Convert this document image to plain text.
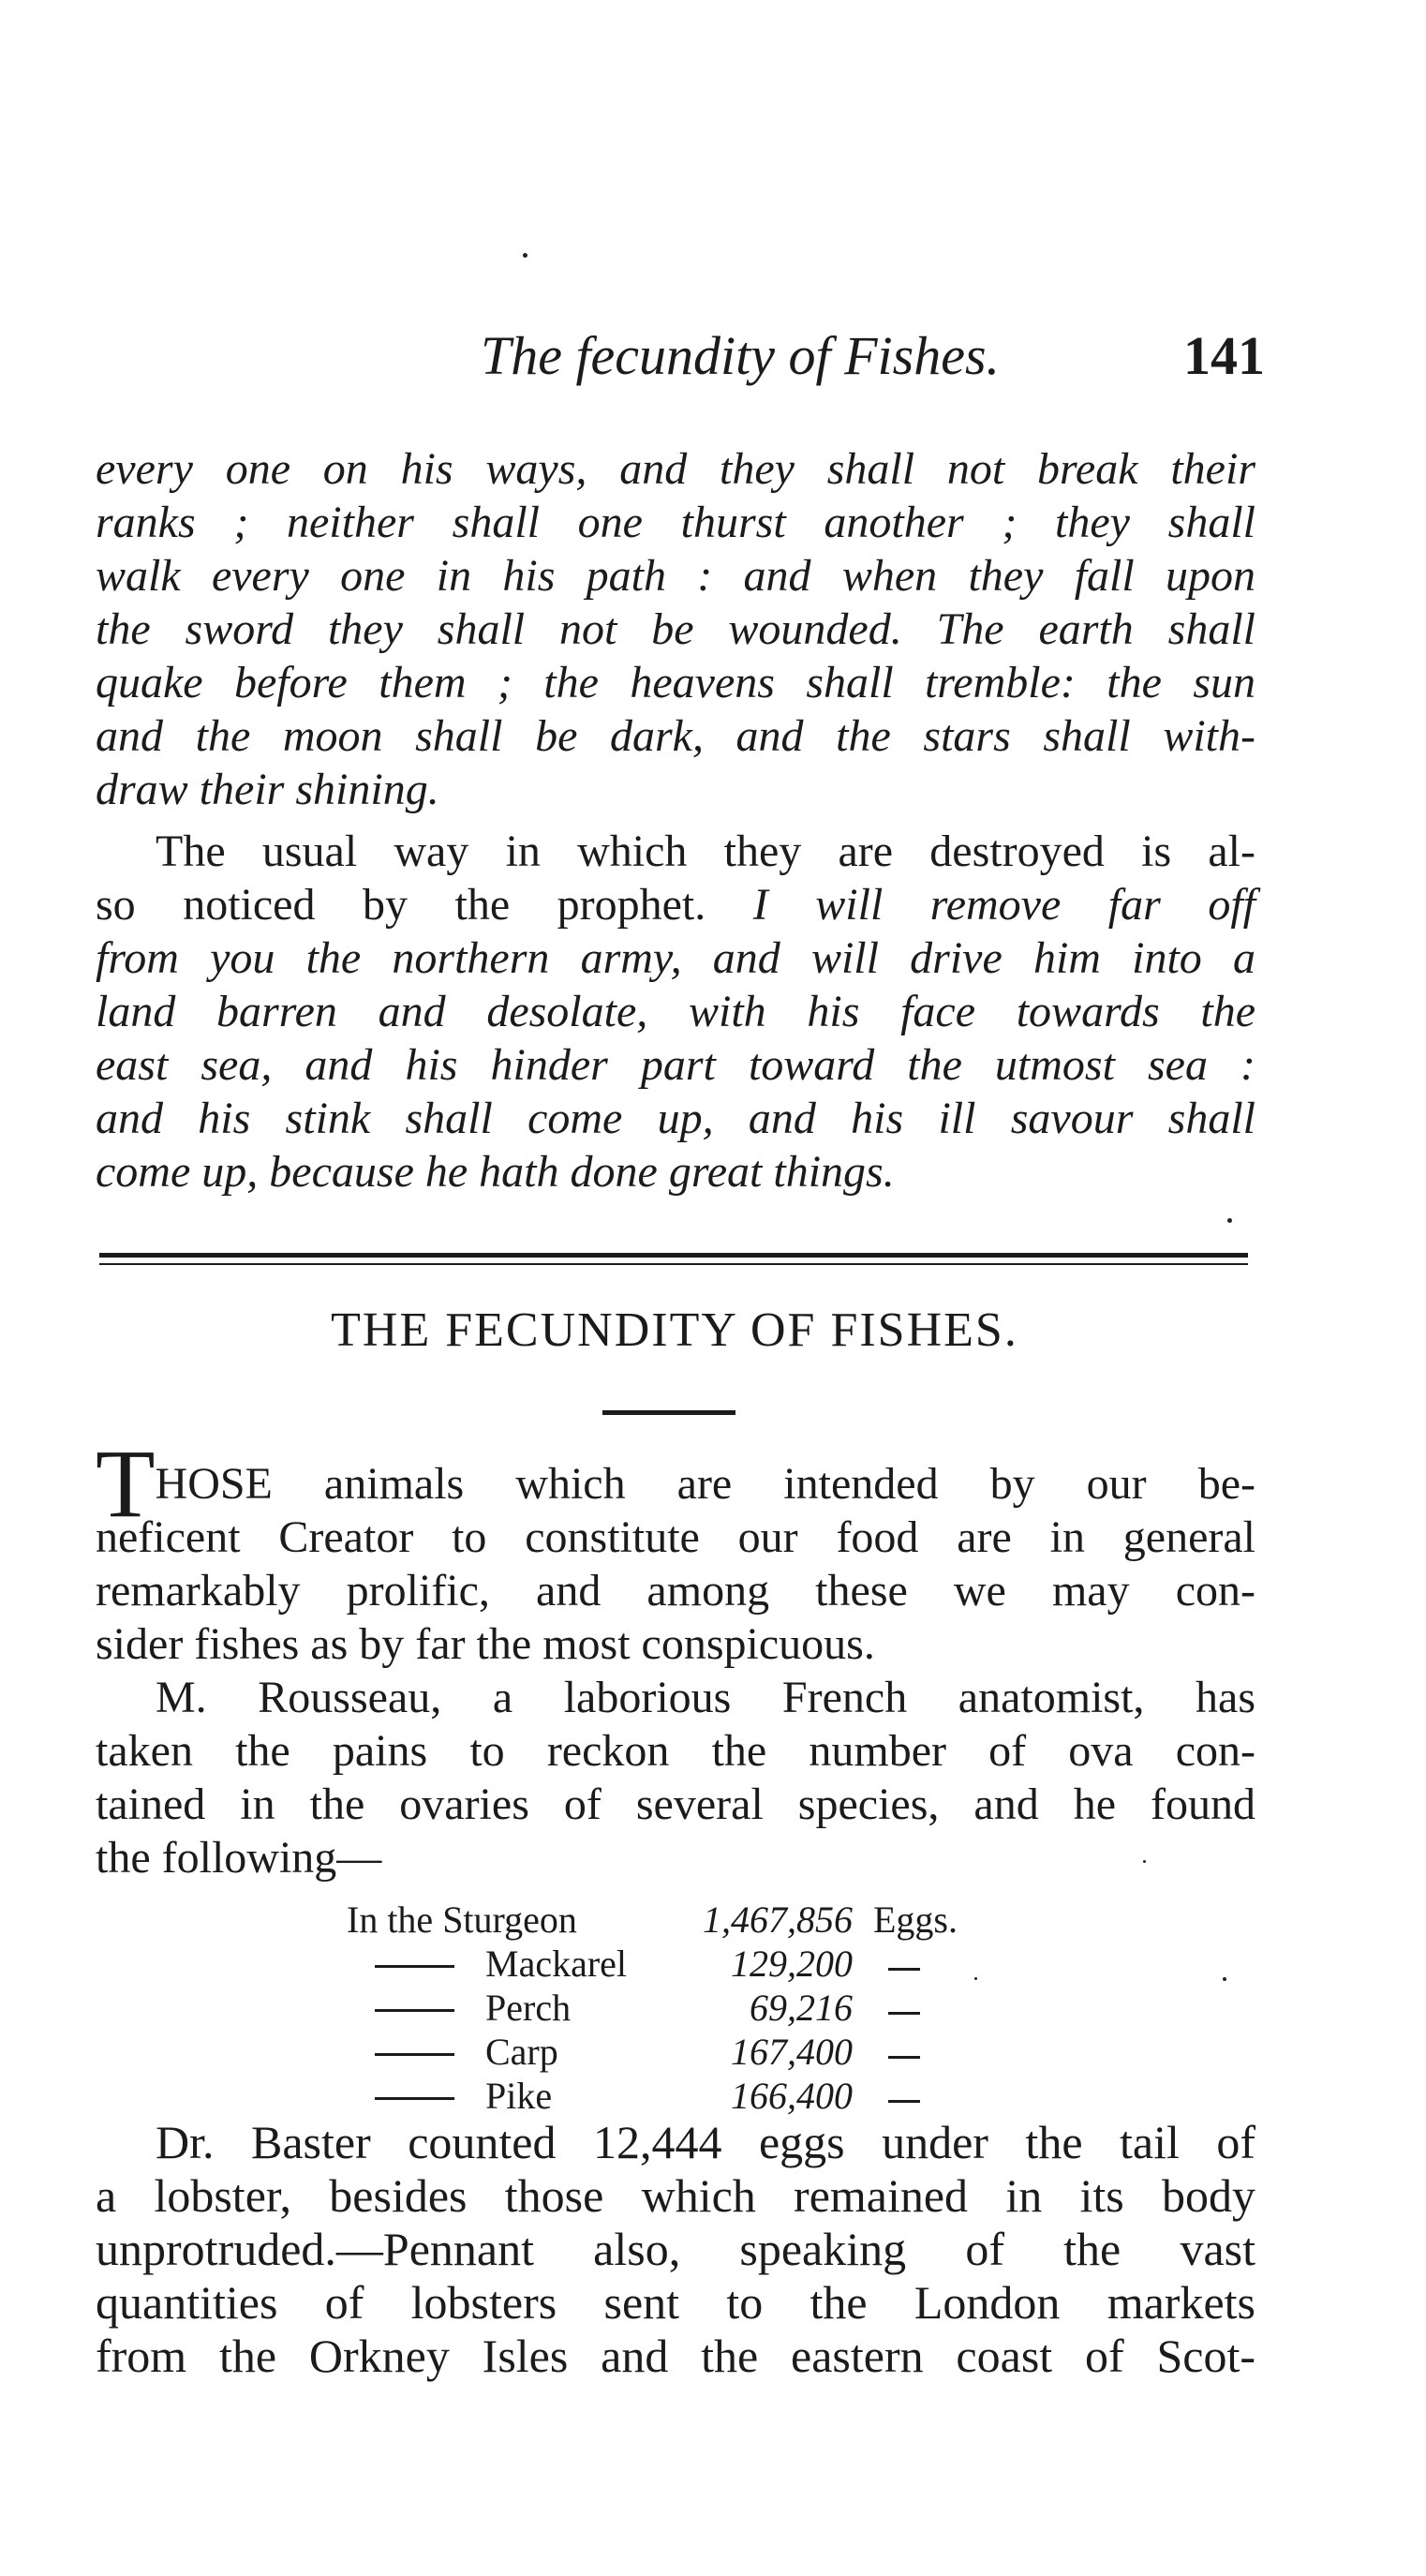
The fecundity of Fishes.	141
every one on his ways, and they shall not break their
ranks ; neither shall one thurst another ; they shall
walk every one in his path : and when they fall upon
the sword they shall not be wounded. The earth shall
quake before them ; the heavens shall tremble: the sun
and the moon shall be dark, and the stars shall with-
draw their shining.
The usual way in which they are destroyed is al-
so noticed by the prophet. I will remove far off
from you the northern army, and will drive him into a
land barren and desolate, with his face towards the
east sea, and his hinder part toward the utmost sea :
and his stink shall come up, and his ill savour shall
come up, because he hath done great things.
THE FECUNDITY OF FISHES.
THOSE animals which are intended by our be-
neficent Creator to constitute our food are in general
remarkably prolific, and among these we may con-
sider fishes as by far the most conspicuous.
M. Rousseau, a laborious French anatomist, has
taken the pains to reckon the number of ova con-
tained in the ovaries of several species, and he found
the following—
In the Sturgeon	1,467,856 Eggs.
Mackarel	129,200
Perch	69,216
Carp	167,400
Pike	166,400
Dr. Baster counted 12,444 eggs under the tail of
a lobster, besides those which remained in its body
unprotruded.—Pennant also, speaking of the vast
quantities of lobsters sent to the London markets
from the Orkney Isles and the eastern coast of Scot-
